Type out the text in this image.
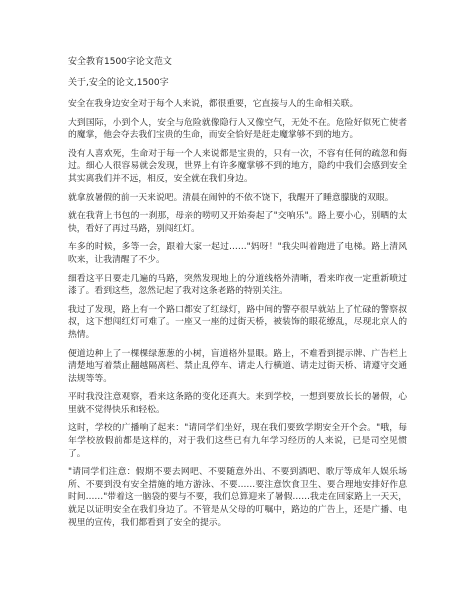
安全教育1500字论文范文
关于,安全的论文,1500字

安全在我身边安全对于每个人来说，都很重要，它直接与人的生命相关联。

大到国际，小到个人，安全与危险就像隐行人又像空气，无处不在。危险好似死亡使者的魔掌，他会夺去我们宝贵的生命，而安全恰好是赶走魔掌够不到的地方。

没有人喜欢死，生命对于每一个人来说都是宝贵的，只有一次，不容有任何的疏忽和侮过。细心人很容易就会发现，世界上有许多魔掌够不到的地方，隐约中我们会感到安全其实离我们并不远，相反，安全就在我们身边。

就拿放暑假的前一天来说吧。清晨在闹钟的不依不饶下，我醒开了睡意朦胧的双眼。

就在我背上书包的一刹那，母亲的唠叨又开始奏起了"交响乐"。路上要小心，别晒的太快，看好了再过马路，别闯红灯。

车多的时候，多等一会，跟着大家一起过……"妈呀！"我尖叫着跑进了电梯。路上清风吹来，让我清醒了不少。

细看这平日要走几遍的马路，突然发现地上的分道线格外清晰，看来昨夜一定重新喷过漆了。看到这些，忽然记起了我对这条老路的特别关注。

我过了发现，路上有一个路口都安了红绿灯，路中间的警亭很早就站上了忙碌的警察叔叔，这下想闯红灯可难了。一座又一座的过街天桥，被装饰的眼花缭乱，尽现北京人的热情。

便道边种上了一棵棵绿葱葱的小树，盲道格外显眼。路上，不难看到提示牌、广告栏上清楚地写着禁止翻越隔离栏、禁止乱停车、请走人行横道、请走过街天桥、请遵守交通法规等等。

平时我没注意观察，看来这条路的变化还真大。来到学校，一想到要放长长的暑假，心里就不觉得快乐和轻松。

这时，学校的广播响了起来："请同学们坐好，现在我们要致学期安全开个会。"哦，每年学校放假前都是这样的，对于我们这些已有九年学习经历的人来说，已是司空见惯了。

"请同学们注意：假期不要去网吧、不要随意外出、不要到酒吧、歌厅等成年人娱乐场所、不要到没有安全措施的地方游泳、不要……要注意饮食卫生、要合理地安排好作息时间……"带着这一脑袋的要与不要，我们总算迎来了暑假……我走在回家路上一天天，就足以证明安全在我们身边了。不管是从父母的叮嘱中，路边的广告上，还是广播、电视里的宣传，我们都看到了安全的提示。
